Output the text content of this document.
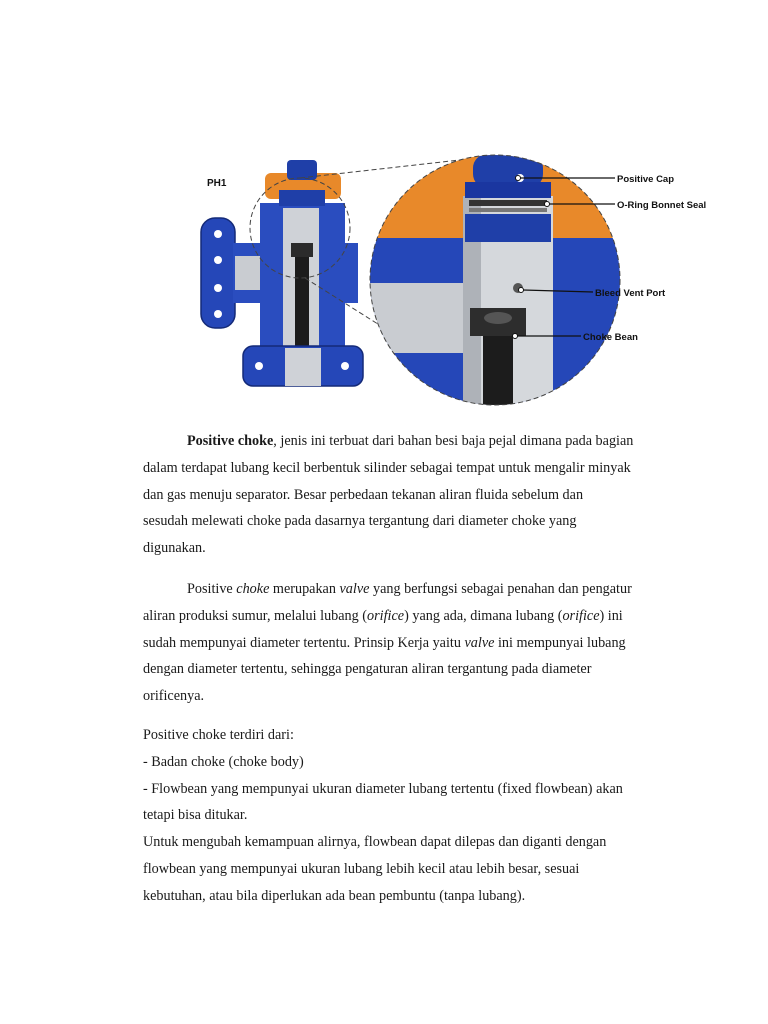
PH1	Positive Cap
O-Ring Bonnet Seal
Bleed Vent Port
Choke Bean

Positive choke, jenis ini terbuat dari bahan besi baja pejal dimana pada bagian
dalam terdapat lubang kecil berbentuk silinder sebagai tempat untuk mengalir minyak
dan gas menuju separator. Besar perbedaan tekanan aliran fluida sebelum dan
sesudah melewati choke pada dasarnya tergantung dari diameter choke yang
digunakan.

Positive choke merupakan valve yang berfungsi sebagai penahan dan pengatur
aliran produksi sumur, melalui lubang (orifice) yang ada, dimana lubang (orifice) ini
sudah mempunyai diameter tertentu. Prinsip Kerja yaitu valve ini mempunyai lubang
dengan diameter tertentu, sehingga pengaturan aliran tergantung pada diameter
orificenya.

Positive choke terdiri dari:
- Badan choke (choke body)
- Flowbean yang mempunyai ukuran diameter lubang tertentu (fixed flowbean) akan
tetapi bisa ditukar.
Untuk mengubah kemampuan alirnya, flowbean dapat dilepas dan diganti dengan
flowbean yang mempunyai ukuran lubang lebih kecil atau lebih besar, sesuai
kebutuhan, atau bila diperlukan ada bean pembuntu (tanpa lubang).
